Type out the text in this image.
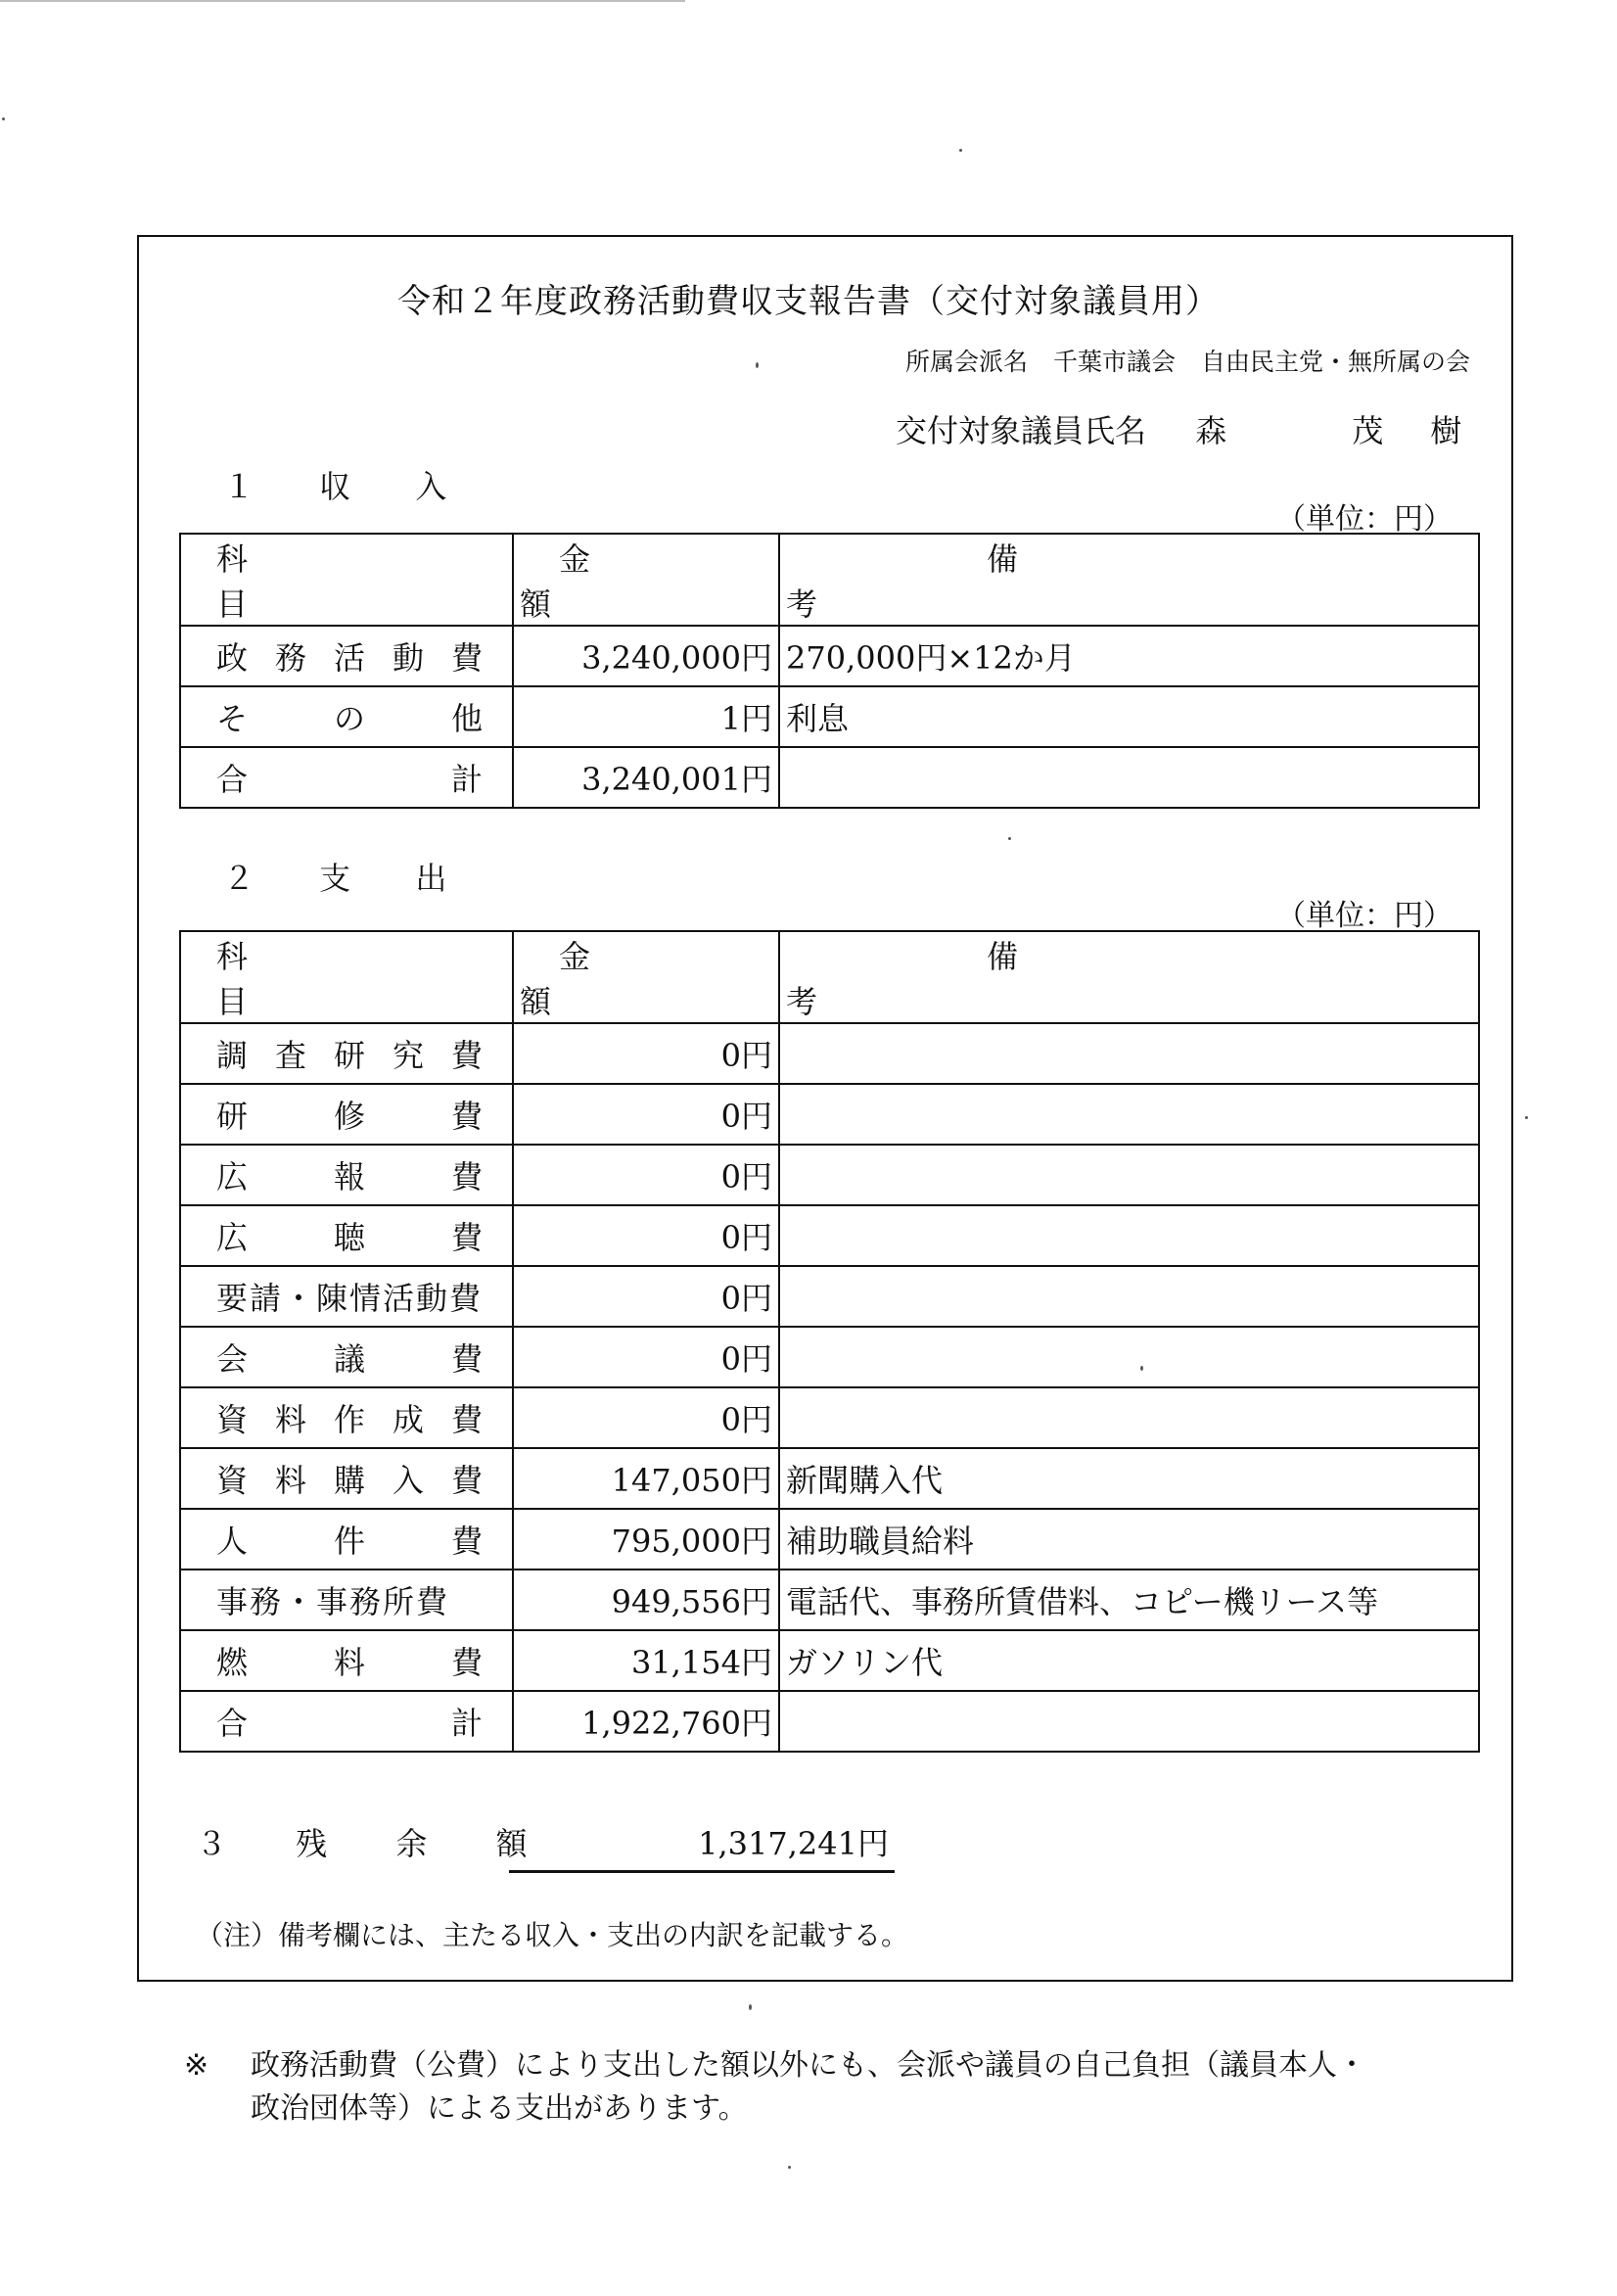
令和２年度政務活動費収支報告書（交付対象議員用）
所属会派名 千葉市議会 自由民主党・無所属の会
交付対象議員氏名 森　茂樹
１ 収 入
（単位：円）
科目	金額	備考

政 務 活 動 費	3,240,000円	270,000円×12か月

そ の 他	1円	利息

合 計	3,240,001円	
２ 支 出
（単位：円）
科目	金額	備考

調 査 研 究 費	0円	

研 修 費	0円	

広 報 費	0円	

広 聴 費	0円	

要請・陳情活動費	0円	

会 議 費	0円	

資 料 作 成 費	0円	

資 料 購 入 費	147,050円	新聞購入代

人 件 費	795,000円	補助職員給料

事務・事務所費	949,556円	電話代、事務所賃借料、コピー機リース等

燃 料 費	31,154円	ガソリン代

合 計	1,922,760円	
３ 残 余 額	1,317,241円
（注）備考欄には、主たる収入・支出の内訳を記載する。
※ 政務活動費（公費）により支出した額以外にも、会派や議員の自己負担（議員本人・
政治団体等）による支出があります。
